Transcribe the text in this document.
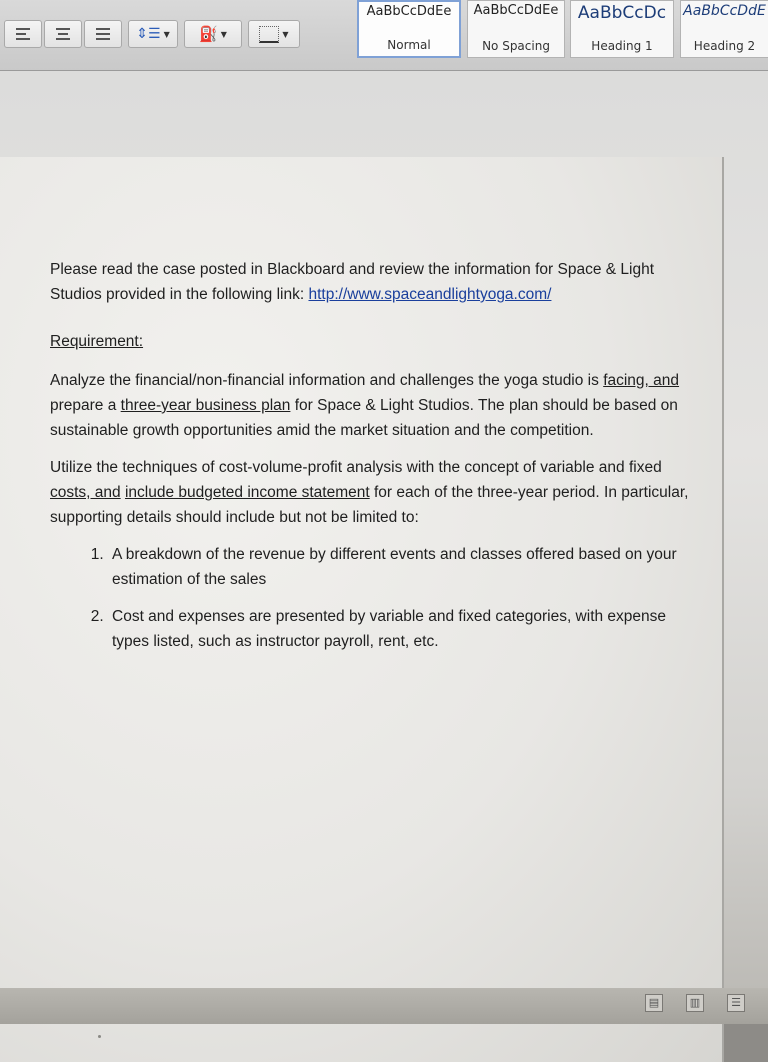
⇕☰ ▼ ⛽ ▼	▼
AaBbCcDdEe
Normal
AaBbCcDdEe
No Spacing
AaBbCcDc
Heading 1
AaBbCcDdE
Heading 2

Please read the case posted in Blackboard and review the information for Space & Light Studios provided in the following link: http://www.spaceandlightyoga.com/

Requirement:

Analyze the financial/non-financial information and challenges the yoga studio is facing, and prepare a three-year business plan for Space & Light Studios. The plan should be based on sustainable growth opportunities amid the market situation and the competition.

Utilize the techniques of cost-volume-profit analysis with the concept of variable and fixed costs, and include budgeted income statement for each of the three-year period. In particular, supporting details should include but not be limited to:

1. A breakdown of the revenue by different events and classes offered based on your estimation of the sales
2. Cost and expenses are presented by variable and fixed categories, with expense types listed, such as instructor payroll, rent, etc.
▤	▥	☰
